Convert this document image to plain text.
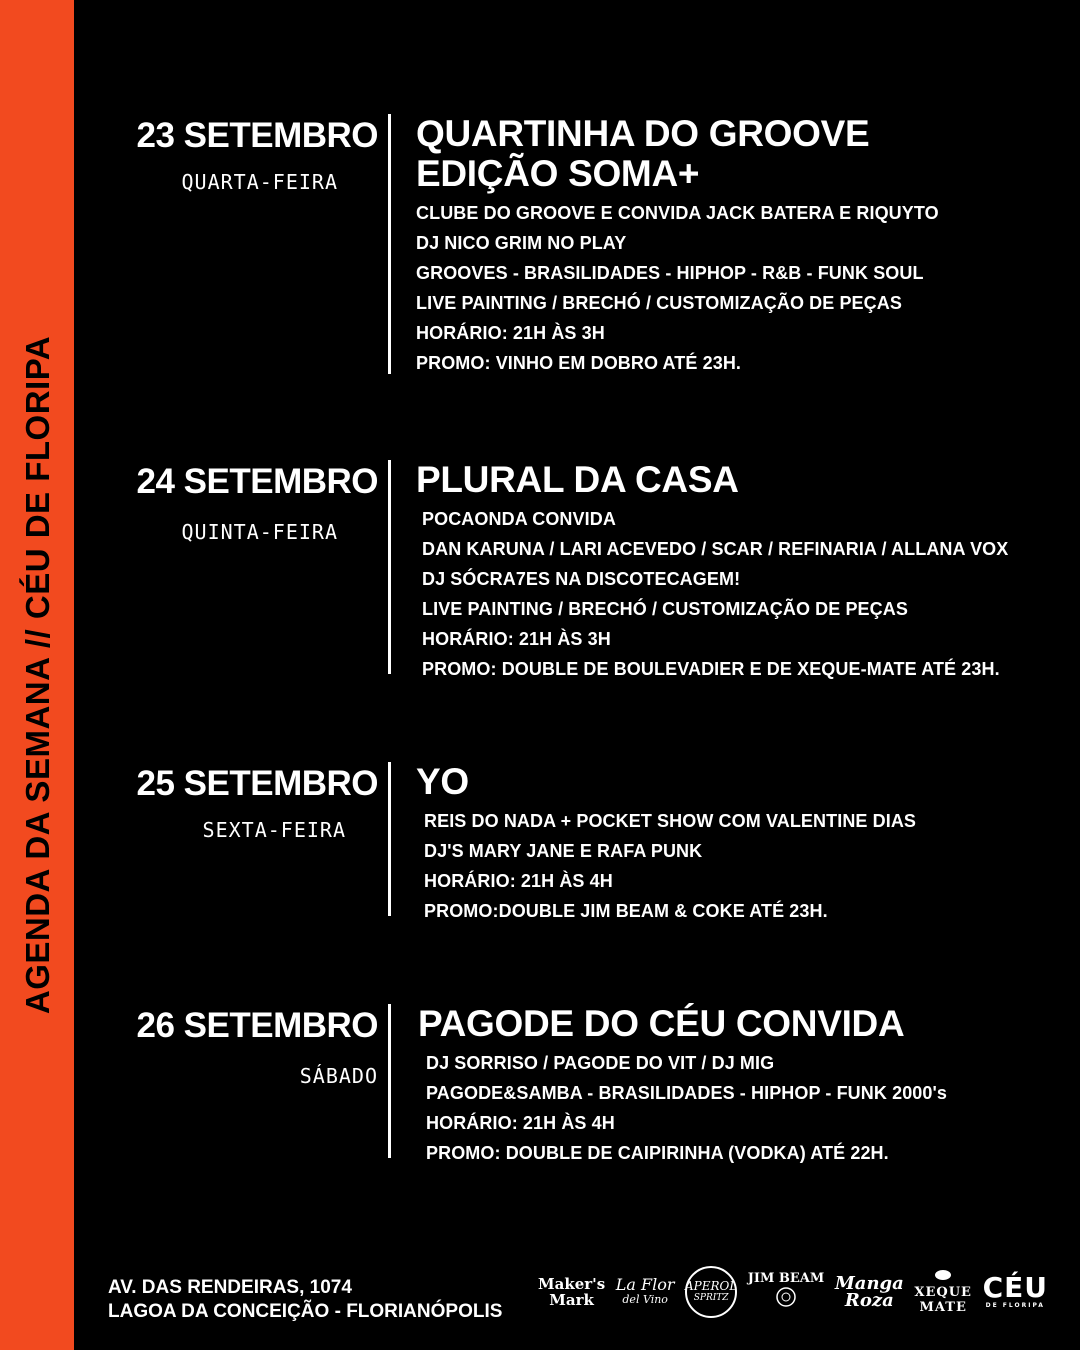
AGENDA DA SEMANA // CÉU DE FLORIPA
23 SETEMBRO
QUARTA-FEIRA
QUARTINHA DO GROOVE
EDIÇÃO SOMA+
CLUBE DO GROOVE E CONVIDA JACK BATERA E RIQUYTO
DJ NICO GRIM NO PLAY
GROOVES - BRASILIDADES - HIPHOP - R&B - FUNK SOUL
LIVE PAINTING / BRECHÓ / CUSTOMIZAÇÃO DE PEÇAS
HORÁRIO: 21H ÀS 3H
PROMO: VINHO EM DOBRO ATÉ 23H.
24 SETEMBRO
QUINTA-FEIRA
PLURAL DA CASA
POCAONDA CONVIDA
DAN KARUNA / LARI ACEVEDO / SCAR / REFINARIA / ALLANA VOX
DJ SÓCRA7ES NA DISCOTECAGEM!
LIVE PAINTING / BRECHÓ / CUSTOMIZAÇÃO DE PEÇAS
HORÁRIO: 21H ÀS 3H
PROMO: DOUBLE DE BOULEVADIER E DE XEQUE-MATE ATÉ 23H.
25 SETEMBRO
SEXTA-FEIRA
YO
REIS DO NADA + POCKET SHOW COM VALENTINE DIAS
DJ'S MARY JANE E RAFA PUNK
HORÁRIO: 21H ÀS 4H
PROMO:DOUBLE JIM BEAM & COKE ATÉ 23H.
26 SETEMBRO
SÁBADO
PAGODE DO CÉU CONVIDA
DJ SORRISO / PAGODE DO VIT / DJ MIG
PAGODE&SAMBA - BRASILIDADES - HIPHOP - FUNK 2000's
HORÁRIO: 21H ÀS 4H
PROMO: DOUBLE DE CAIPIRINHA (VODKA) ATÉ 22H.
AV. DAS RENDEIRAS, 1074
LAGOA DA CONCEIÇÃO - FLORIANÓPOLIS
Maker's
Mark
La Flor
del Vino
APEROL
SPRITZ
JIM BEAM Manga
Roza	XEQUE
MATE
CÉU
DE FLORIPA
